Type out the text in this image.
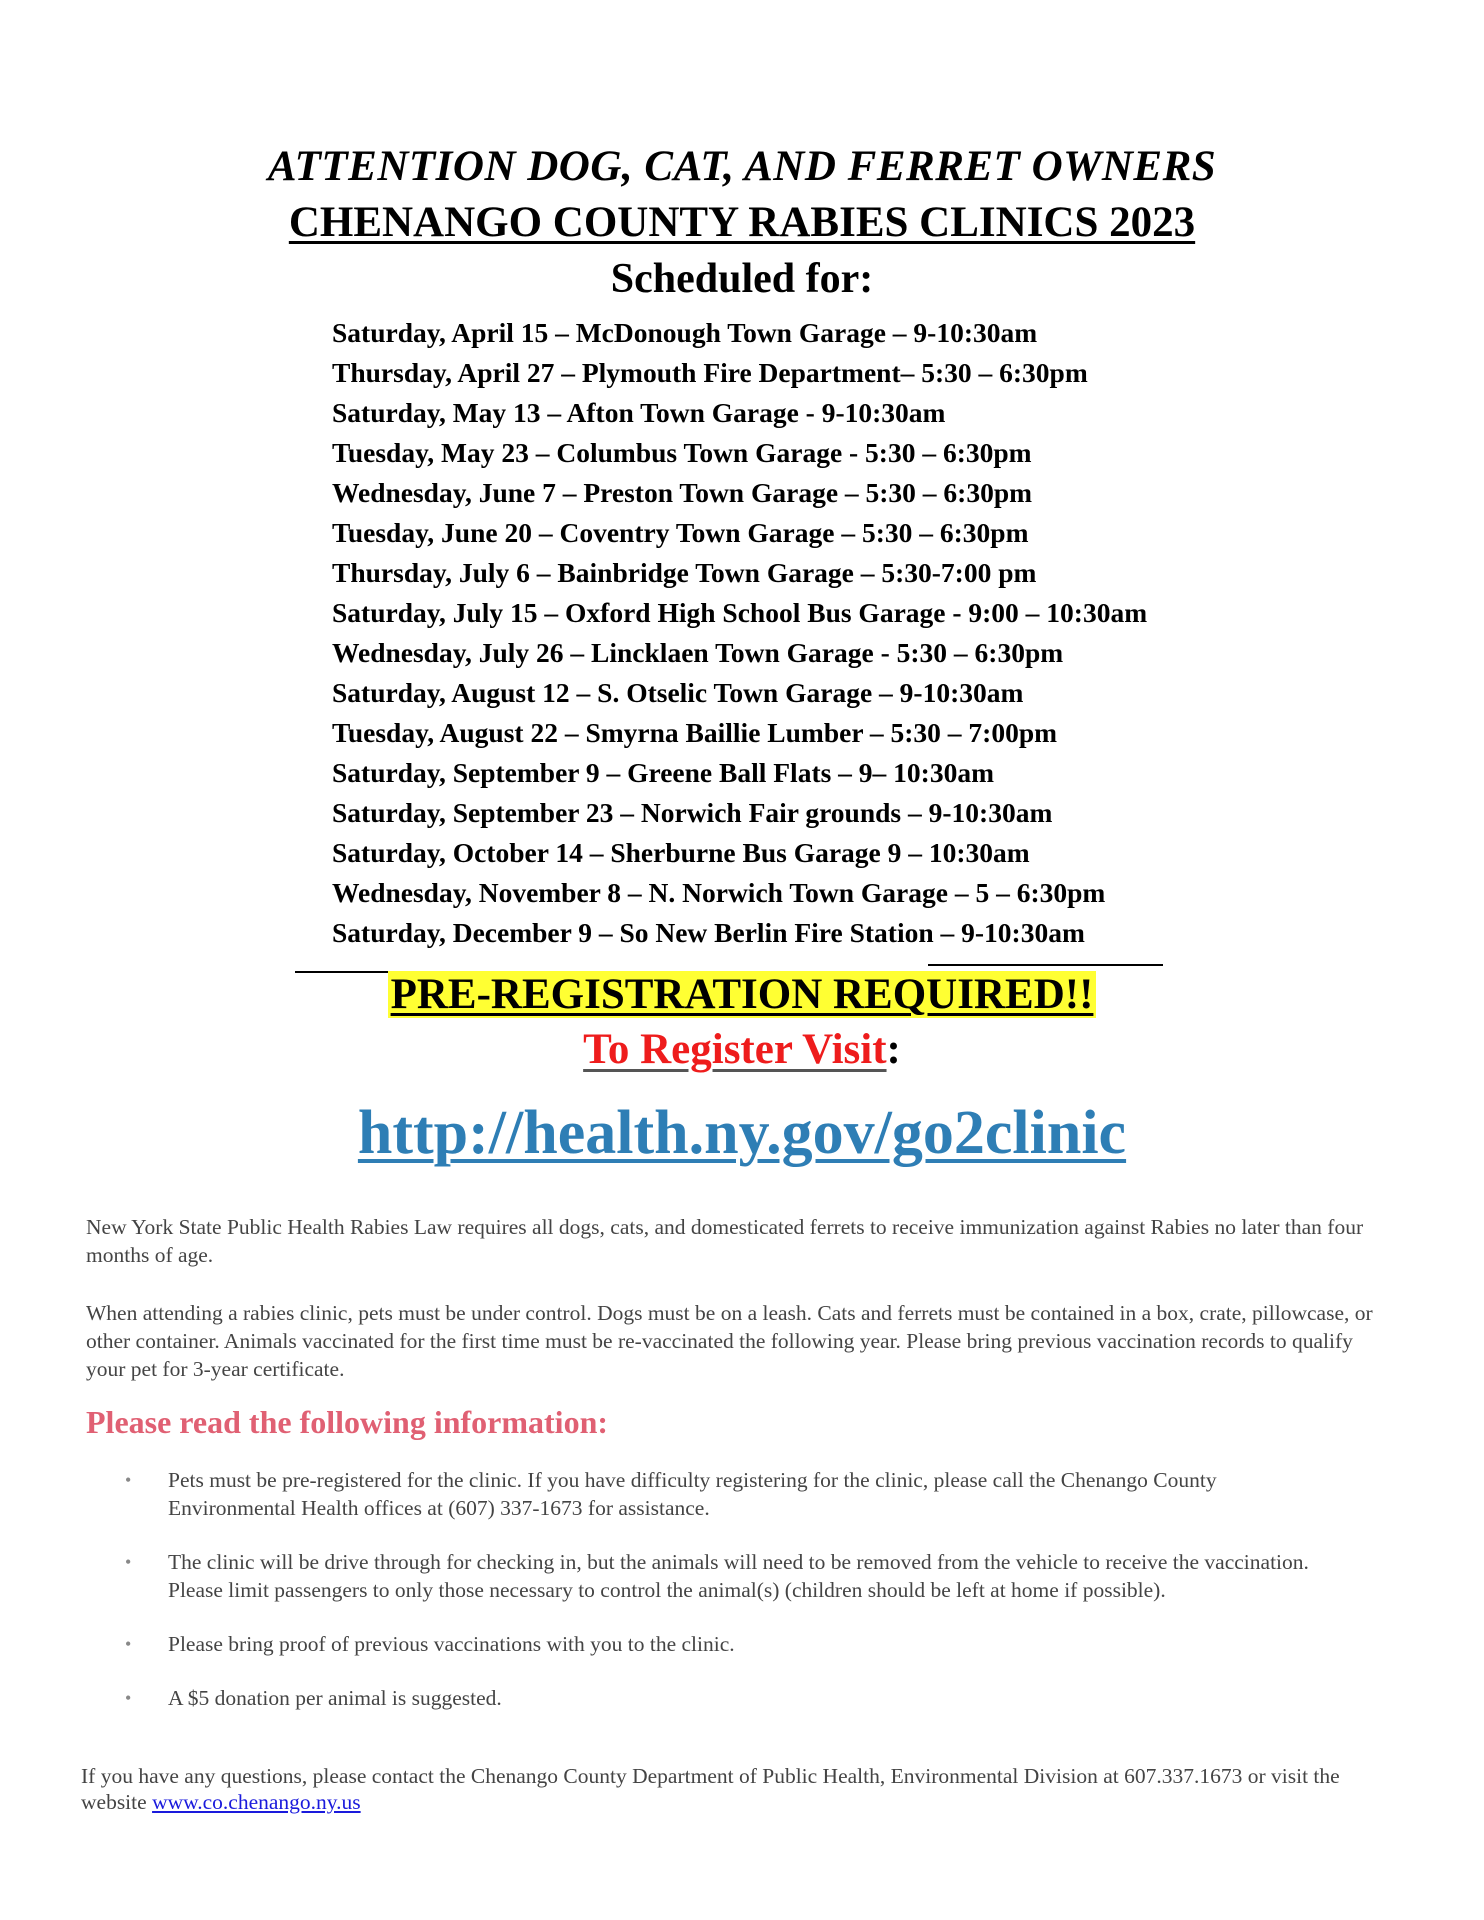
ATTENTION DOG, CAT, AND FERRET OWNERS

CHENANGO COUNTY RABIES CLINICS 2023

Scheduled for:

Saturday, April 15 – McDonough Town Garage – 9-10:30am
Thursday, April 27 – Plymouth Fire Department– 5:30 – 6:30pm
Saturday, May 13 – Afton Town Garage - 9-10:30am
Tuesday, May 23 – Columbus Town Garage - 5:30 – 6:30pm
Wednesday, June 7 – Preston Town Garage – 5:30 – 6:30pm
Tuesday, June 20 – Coventry Town Garage – 5:30 – 6:30pm
Thursday, July 6 – Bainbridge Town Garage – 5:30-7:00 pm
Saturday, July 15 – Oxford High School Bus Garage - 9:00 – 10:30am
Wednesday, July 26 – Lincklaen Town Garage - 5:30 – 6:30pm
Saturday, August 12 – S. Otselic Town Garage – 9-10:30am
Tuesday, August 22 – Smyrna Baillie Lumber – 5:30 – 7:00pm
Saturday, September 9 – Greene Ball Flats – 9– 10:30am
Saturday, September 23 – Norwich Fair grounds – 9-10:30am
Saturday, October 14 – Sherburne Bus Garage 9 – 10:30am
Wednesday, November 8 – N. Norwich Town Garage – 5 – 6:30pm
Saturday, December 9 – So New Berlin Fire Station – 9-10:30am

PRE-REGISTRATION REQUIRED!!

To Register Visit:

http://health.ny.gov/go2clinic

New York State Public Health Rabies Law requires all dogs, cats, and domesticated ferrets to receive immunization against Rabies no later than four months of age.

When attending a rabies clinic, pets must be under control. Dogs must be on a leash. Cats and ferrets must be contained in a box, crate, pillowcase, or other container. Animals vaccinated for the first time must be re-vaccinated the following year. Please bring previous vaccination records to qualify your pet for 3-year certificate.

Please read the following information:

• Pets must be pre-registered for the clinic. If you have difficulty registering for the clinic, please call the Chenango County Environmental Health offices at (607) 337-1673 for assistance.
• The clinic will be drive through for checking in, but the animals will need to be removed from the vehicle to receive the vaccination. Please limit passengers to only those necessary to control the animal(s) (children should be left at home if possible).
• Please bring proof of previous vaccinations with you to the clinic.
• A $5 donation per animal is suggested.

If you have any questions, please contact the Chenango County Department of Public Health, Environmental Division at 607.337.1673 or visit the website www.co.chenango.ny.us
